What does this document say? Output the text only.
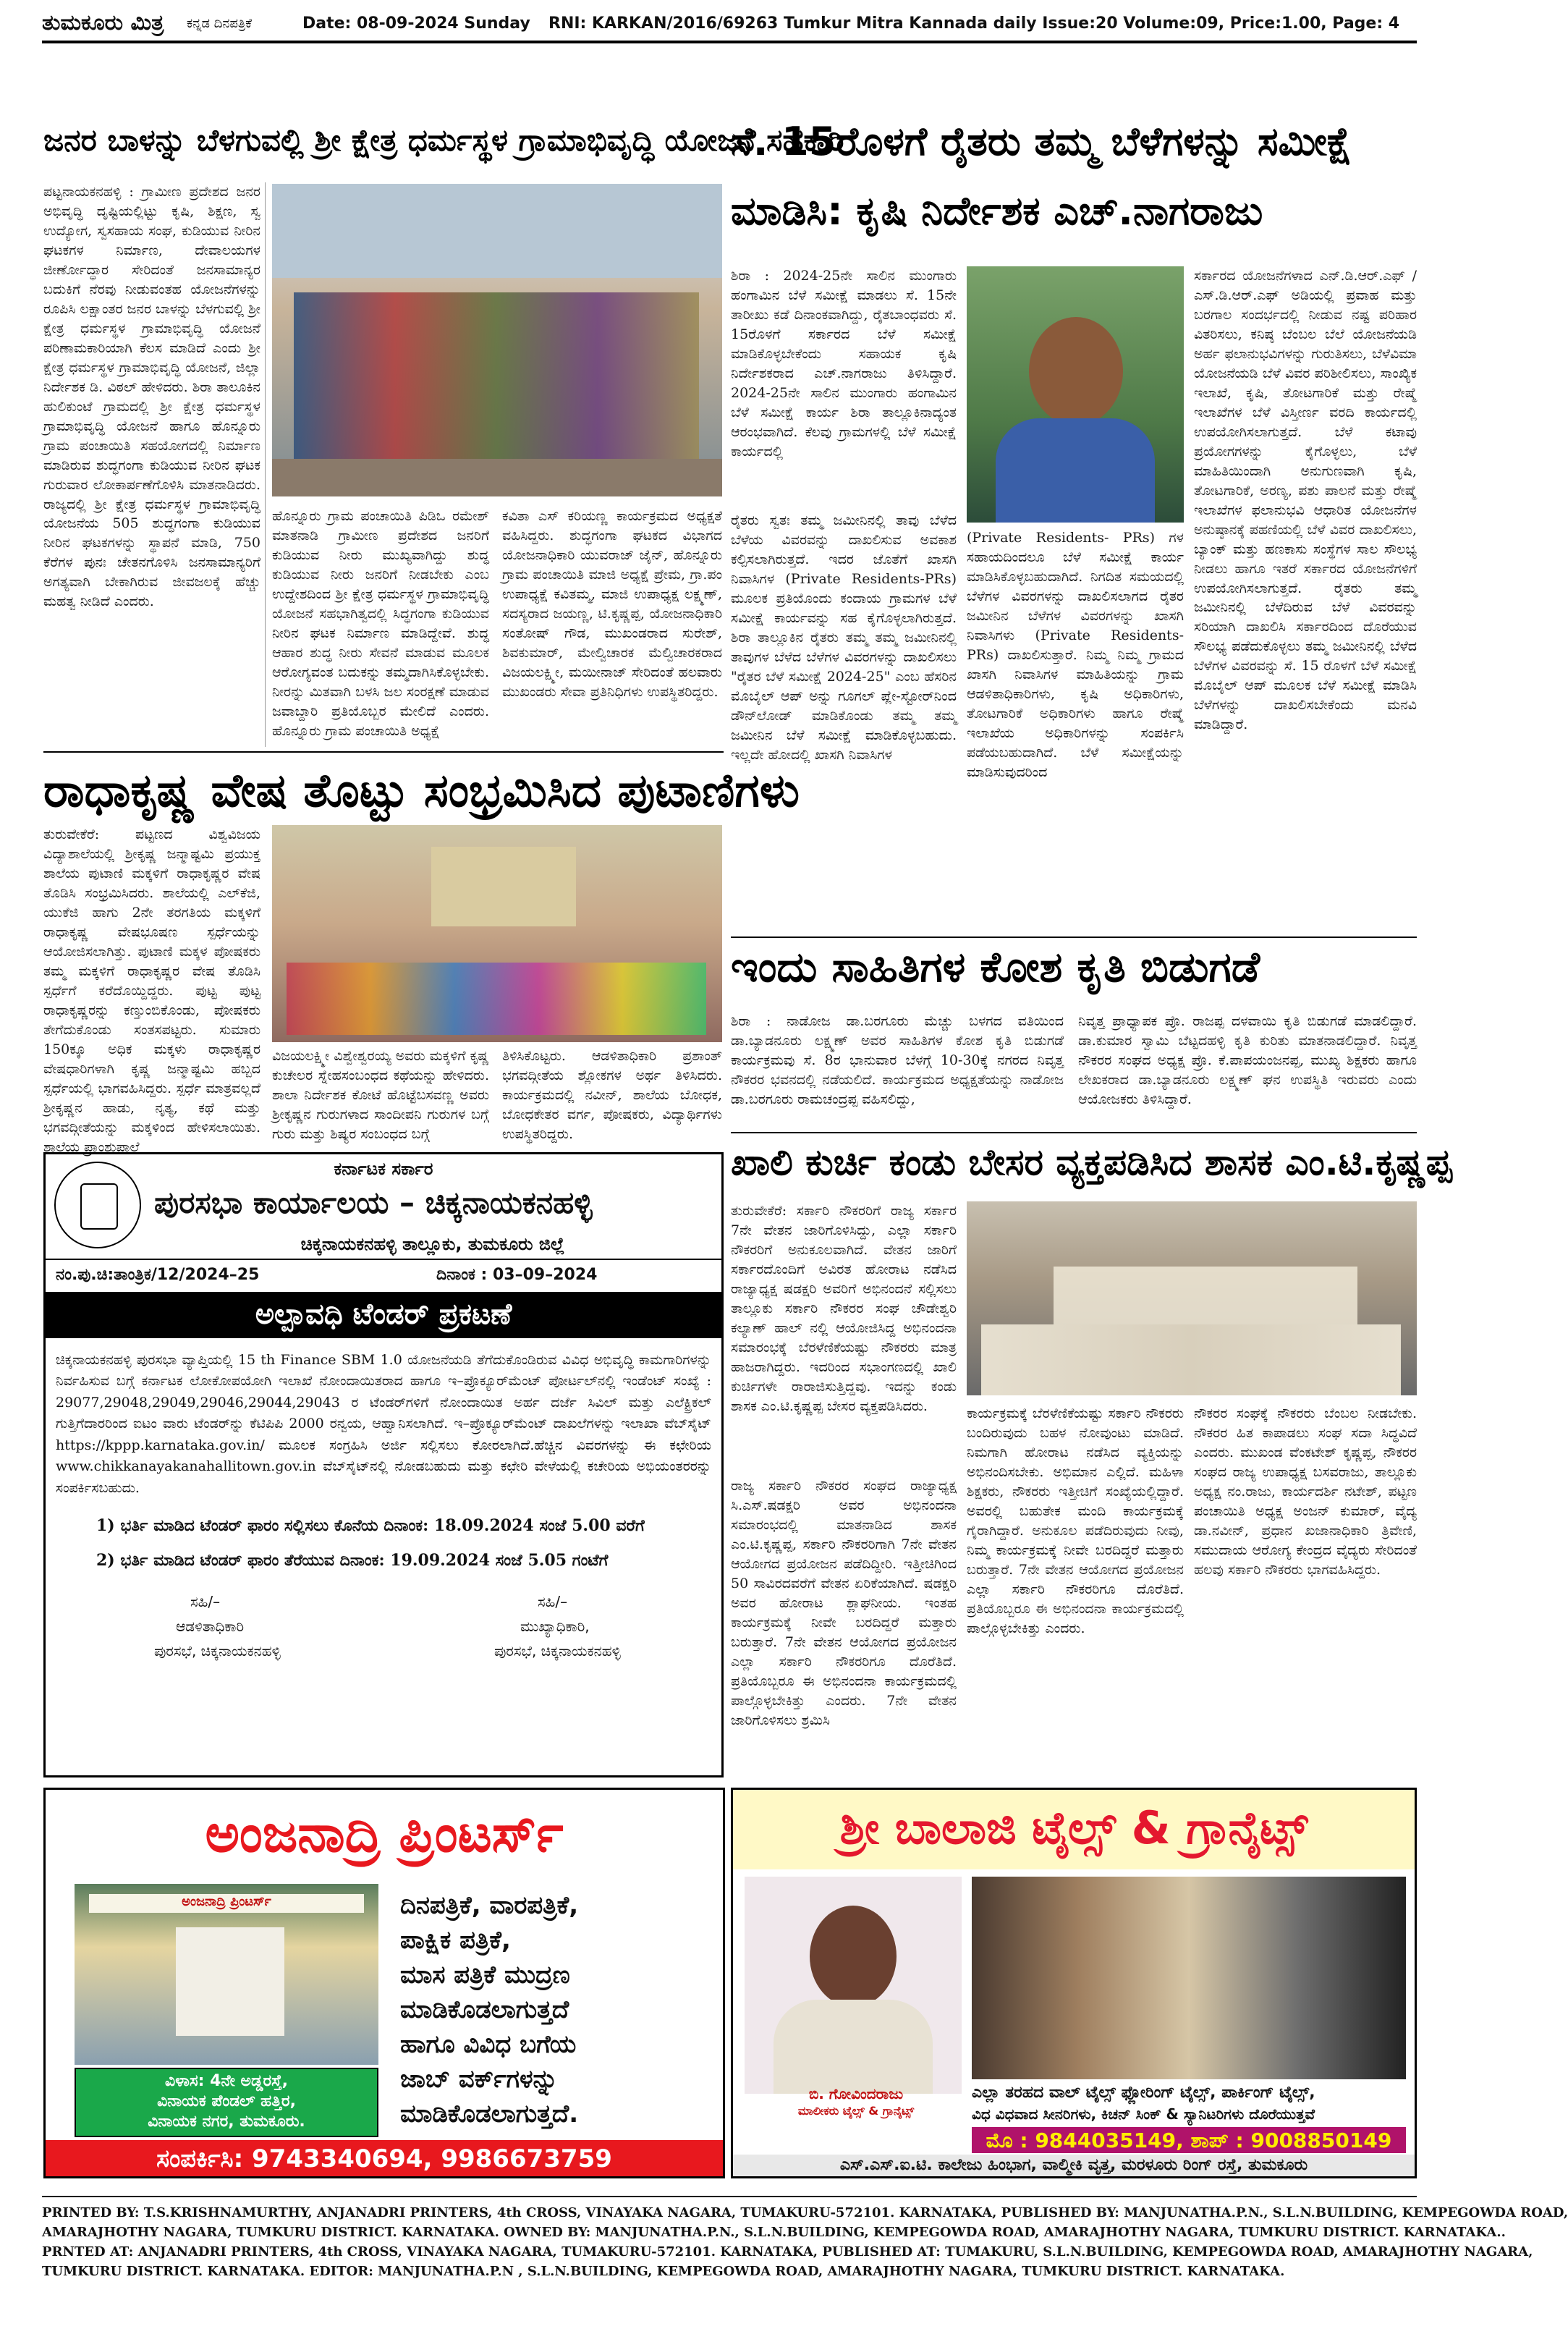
ತುಮಕೂರು ಮಿತ್ರ ಕನ್ನಡ ದಿನಪತ್ರಿಕೆ	Date: 08-09-2024 Sunday RNI: KARKAN/2016/69263 Tumkur Mitra Kannada daily Issue:20 Volume:09, Price:1.00, Page: 4
ಜನರ ಬಾಳನ್ನು ಬೆಳಗುವಲ್ಲಿ ಶ್ರೀ ಕ್ಷೇತ್ರ ಧರ್ಮಸ್ಥಳ ಗ್ರಾಮಾಭಿವೃದ್ಧಿ ಯೋಜನೆ ಸಹಕಾರಿ
ಪಟ್ಟನಾಯಕನಹಳ್ಳಿ : ಗ್ರಾಮೀಣ ಪ್ರದೇಶದ ಜನರ ಅಭಿವೃದ್ಧಿ ದೃಷ್ಟಿಯಲ್ಲಿಟ್ಟು ಕೃಷಿ, ಶಿಕ್ಷಣ, ಸ್ವ ಉದ್ಯೋಗ, ಸ್ವಸಹಾಯ ಸಂಘ, ಕುಡಿಯುವ ನೀರಿನ ಘಟಕಗಳ ನಿರ್ಮಾಣ, ದೇವಾಲಯಗಳ ಜೀರ್ಣೋದ್ಧಾರ ಸೇರಿದಂತೆ ಜನಸಾಮಾನ್ಯರ ಬದುಕಿಗೆ ನೆರವು ನೀಡುವಂತಹ ಯೋಜನೆಗಳನ್ನು ರೂಪಿಸಿ ಲಕ್ಷಾಂತರ ಜನರ ಬಾಳನ್ನು ಬೆಳಗುವಲ್ಲಿ ಶ್ರೀ ಕ್ಷೇತ್ರ ಧರ್ಮಸ್ಥಳ ಗ್ರಾಮಾಭಿವೃದ್ಧಿ ಯೋಜನೆ ಪರಿಣಾಮಕಾರಿಯಾಗಿ ಕೆಲಸ ಮಾಡಿದೆ ಎಂದು ಶ್ರೀ ಕ್ಷೇತ್ರ ಧರ್ಮಸ್ಥಳ ಗ್ರಾಮಾಭಿವೃದ್ಧಿ ಯೋಜನೆ, ಜಿಲ್ಲಾ ನಿರ್ದೇಶಕ ಡಿ. ವಿಠಲ್ ಹೇಳಿದರು. ಶಿರಾ ತಾಲೂಕಿನ ಹುಲಿಕುಂಟೆ ಗ್ರಾಮದಲ್ಲಿ ಶ್ರೀ ಕ್ಷೇತ್ರ ಧರ್ಮಸ್ಥಳ ಗ್ರಾಮಾಭಿವೃದ್ಧಿ ಯೋಜನೆ ಹಾಗೂ ಹೊನ್ನೂರು ಗ್ರಾಮ ಪಂಚಾಯಿತಿ ಸಹಯೋಗದಲ್ಲಿ ನಿರ್ಮಾಣ ಮಾಡಿರುವ ಶುದ್ಧಗಂಗಾ ಕುಡಿಯುವ ನೀರಿನ ಘಟಕ ಗುರುವಾರ ಲೋಕಾರ್ಪಣೆಗೊಳಿಸಿ ಮಾತನಾಡಿದರು. ರಾಜ್ಯದಲ್ಲಿ ಶ್ರೀ ಕ್ಷೇತ್ರ ಧರ್ಮಸ್ಥಳ ಗ್ರಾಮಾಭಿವೃದ್ಧಿ ಯೋಜನೆಯ 505 ಶುದ್ಧಗಂಗಾ ಕುಡಿಯುವ ನೀರಿನ ಘಟಕಗಳನ್ನು ಸ್ಥಾಪನೆ ಮಾಡಿ, 750 ಕೆರೆಗಳ ಪುನಃ ಚೇತನಗೊಳಿಸಿ ಜನಸಾಮಾನ್ಯರಿಗೆ ಅಗತ್ಯವಾಗಿ ಬೇಕಾಗಿರುವ ಜೀವಜಲಕ್ಕೆ ಹೆಚ್ಚು ಮಹತ್ವ ನೀಡಿದೆ ಎಂದರು.
ಹೊನ್ನೂರು ಗ್ರಾಮ ಪಂಚಾಯಿತಿ ಪಿಡಿಒ ರಮೇಶ್ ಮಾತನಾಡಿ ಗ್ರಾಮೀಣ ಪ್ರದೇಶದ ಜನರಿಗೆ ಕುಡಿಯುವ ನೀರು ಮುಖ್ಯವಾಗಿದ್ದು ಶುದ್ಧ ಕುಡಿಯುವ ನೀರು ಜನರಿಗೆ ನೀಡಬೇಕು ಎಂಬ ಉದ್ದೇಶದಿಂದ ಶ್ರೀ ಕ್ಷೇತ್ರ ಧರ್ಮಸ್ಥಳ ಗ್ರಾಮಾಭಿವೃದ್ಧಿ ಯೋಜನೆ ಸಹಭಾಗಿತ್ವದಲ್ಲಿ ಸಿದ್ಧಗಂಗಾ ಕುಡಿಯುವ ನೀರಿನ ಘಟಕ ನಿರ್ಮಾಣ ಮಾಡಿದ್ದೇವೆ. ಶುದ್ಧ ಆಹಾರ ಶುದ್ಧ ನೀರು ಸೇವನೆ ಮಾಡುವ ಮೂಲಕ ಆರೋಗ್ಯವಂತ ಬದುಕನ್ನು ತಮ್ಮದಾಗಿಸಿಕೊಳ್ಳಬೇಕು. ನೀರನ್ನು ಮಿತವಾಗಿ ಬಳಸಿ ಜಲ ಸಂರಕ್ಷಣೆ ಮಾಡುವ ಜವಾಬ್ದಾರಿ ಪ್ರತಿಯೊಬ್ಬರ ಮೇಲಿದೆ ಎಂದರು. ಹೊನ್ನೂರು ಗ್ರಾಮ ಪಂಚಾಯಿತಿ ಅಧ್ಯಕ್ಷೆ
ಕವಿತಾ ಎಸ್ ಕರಿಯಣ್ಣ ಕಾರ್ಯಕ್ರಮದ ಅಧ್ಯಕ್ಷತೆ ವಹಿಸಿದ್ದರು. ಶುದ್ಧಗಂಗಾ ಘಟಕದ ವಿಭಾಗದ ಯೋಜನಾಧಿಕಾರಿ ಯುವರಾಜ್ ಜೈನ್, ಹೊನ್ನೂರು ಗ್ರಾಮ ಪಂಚಾಯಿತಿ ಮಾಜಿ ಅಧ್ಯಕ್ಷೆ ಪ್ರೇಮ, ಗ್ರಾ.ಪಂ ಉಪಾಧ್ಯಕ್ಷೆ ಕವಿತಮ್ಮ, ಮಾಜಿ ಉಪಾಧ್ಯಕ್ಷ ಲಕ್ಷ್ಮಣ್, ಸದಸ್ಯರಾದ ಜಯಣ್ಣ, ಟಿ.ಕೃಷ್ಣಪ್ಪ, ಯೋಜನಾಧಿಕಾರಿ ಸಂತೋಷ್ ಗೌಡ, ಮುಖಂಡರಾದ ಸುರೇಶ್, ಶಿವಕುಮಾರ್, ಮೇಲ್ವಿಚಾರಕ ಮೆಲ್ವಿಚಾರಕರಾದ ವಿಜಯಲಕ್ಷ್ಮೀ, ಮಯೀನಾಜ್ ಸೇರಿದಂತೆ ಹಲವಾರು ಮುಖಂಡರು ಸೇವಾ ಪ್ರತಿನಿಧಿಗಳು ಉಪಸ್ಥಿತರಿದ್ದರು.
ರಾಧಾಕೃಷ್ಣ ವೇಷ ತೊಟ್ಟು ಸಂಭ್ರಮಿಸಿದ ಪುಟಾಣಿಗಳು
ತುರುವೇಕೆರೆ: ಪಟ್ಟಣದ ವಿಶ್ವವಿಜಯ ವಿದ್ಯಾಶಾಲೆಯಲ್ಲಿ ಶ್ರೀಕೃಷ್ಣ ಜನ್ಮಾಷ್ಟಮಿ ಪ್ರಯುಕ್ತ ಶಾಲೆಯ ಪುಟಾಣಿ ಮಕ್ಕಳಿಗೆ ರಾಧಾಕೃಷ್ಣರ ವೇಷ ತೊಡಿಸಿ ಸಂಭ್ರಮಿಸಿದರು. ಶಾಲೆಯಲ್ಲಿ ಎಲ್‌ಕೆಜಿ, ಯುಕೆಜಿ ಹಾಗು 2ನೇ ತರಗತಿಯ ಮಕ್ಕಳಿಗೆ ರಾಧಾಕೃಷ್ಣ ವೇಷಭೂಷಣ ಸ್ಪರ್ಧೆಯನ್ನು ಆಯೋಜಿಸಲಾಗಿತ್ತು. ಪುಟಾಣಿ ಮಕ್ಕಳ ಪೋಷಕರು ತಮ್ಮ ಮಕ್ಕಳಿಗೆ ರಾಧಾಕೃಷ್ಣರ ವೇಷ ತೊಡಿಸಿ ಸ್ಪರ್ಧೆಗೆ ಕರೆದೊಯ್ದಿದ್ದರು. ಪುಟ್ಟ ಪುಟ್ಟ ರಾಧಾಕೃಷ್ಣರನ್ನು ಕಣ್ತುಂಬಿಕೊಂಡು, ಪೋಷಕರು ತೇಗೆದುಕೊಂಡು ಸಂತಸಪಟ್ಟರು. ಸುಮಾರು 150ಕ್ಕೂ ಅಧಿಕ ಮಕ್ಕಳು ರಾಧಾಕೃಷ್ಣರ ವೇಷಧಾರಿಗಳಾಗಿ ಕೃಷ್ಣ ಜನ್ಮಾಷ್ಟಮಿ ಹಬ್ಬದ ಸ್ಪರ್ಧೆಯಲ್ಲಿ ಭಾಗವಹಿಸಿದ್ದರು. ಸ್ಪರ್ಧೆ ಮಾತ್ರವಲ್ಲದೆ ಶ್ರೀಕೃಷ್ಣನ ಹಾಡು, ನೃತ್ಯ, ಕಥೆ ಮತ್ತು ಭಗವದ್ಗೀತೆಯನ್ನು ಮಕ್ಕಳಿಂದ ಹೇಳಿಸಲಾಯಿತು. ಶಾಲೆಯ ಪ್ರಾಂಶುಪಾಲೆ
ವಿಜಯಲಕ್ಷ್ಮೀ ವಿಶ್ವೇಶ್ವರಯ್ಯ ಅವರು ಮಕ್ಕಳಿಗೆ ಕೃಷ್ಣ ಕುಚೇಲರ ಸ್ನೇಹಸಂಬಂಧದ ಕಥೆಯನ್ನು ಹೇಳಿದರು. ಶಾಲಾ ನಿರ್ದೇಶಕ ಕೋಟೆ ಹೊಟ್ಟೆಬಸವಣ್ಣ ಅವರು ಶ್ರೀಕೃಷ್ಣನ ಗುರುಗಳಾದ ಸಾಂದೀಪನಿ ಗುರುಗಳ ಬಗ್ಗೆ ಗುರು ಮತ್ತು ಶಿಷ್ಯರ ಸಂಬಂಧದ ಬಗ್ಗೆ
ತಿಳಿಸಿಕೊಟ್ಟರು. ಆಡಳಿತಾಧಿಕಾರಿ ಪ್ರಶಾಂತ್ ಭಗವದ್ಗೀತೆಯ ಶ್ಲೋಕಗಳ ಅರ್ಥ ತಿಳಿಸಿದರು. ಕಾರ್ಯಕ್ರಮದಲ್ಲಿ ನವೀನ್, ಶಾಲೆಯ ಬೋಧಕ, ಬೋಧಕೇತರ ವರ್ಗ, ಪೋಷಕರು, ವಿದ್ಯಾರ್ಥಿಗಳು ಉಪಸ್ಥಿತರಿದ್ದರು.
ಕರ್ನಾಟಕ ಸರ್ಕಾರ
ಪುರಸಭಾ ಕಾರ್ಯಾಲಯ – ಚಿಕ್ಕನಾಯಕನಹಳ್ಳಿ
ಚಿಕ್ಕನಾಯಕನಹಳ್ಳಿ ತಾಲ್ಲೂಕು, ತುಮಕೂರು ಜಿಲ್ಲೆ
ನಂ.ಪು.ಚಿ:ತಾಂತ್ರಿಕ/12/2024–25	ದಿನಾಂಕ : 03–09–2024
ಅಲ್ಪಾವಧಿ ಟೆಂಡರ್ ಪ್ರಕಟಣೆ
ಚಿಕ್ಕನಾಯಕನಹಳ್ಳಿ ಪುರಸಭಾ ವ್ಯಾಪ್ತಿಯಲ್ಲಿ 15 th Finance SBM 1.0 ಯೋಜನೆಯಡಿ ತೆಗೆದುಕೊಂಡಿರುವ ವಿವಿಧ ಅಭಿವೃದ್ಧಿ ಕಾಮಗಾರಿಗಳನ್ನು ನಿರ್ವಹಿಸುವ ಬಗ್ಗೆ ಕರ್ನಾಟಕ ಲೋಕೋಪಯೋಗಿ ಇಲಾಖೆ ನೋಂದಾಯಿತರಾದ ಹಾಗೂ ಇ–ಪ್ರೊಕ್ಯೂರ್‌ಮೆಂಟ್ ಪೋರ್ಟಲ್‌ನಲ್ಲಿ ಇಂಡೆಂಟ್ ಸಂಖ್ಯೆ : 29077,29048,29049,29046,29044,29043 ರ ಟೆಂಡರ್‌ಗಳಿಗೆ ನೋಂದಾಯಿತ ಅರ್ಹ ದರ್ಜೆ ಸಿವಿಲ್ ಮತ್ತು ಎಲೆಕ್ಟ್ರಿಕಲ್ ಗುತ್ತಿಗೆದಾರರಿಂದ ಐಟಂ ವಾರು ಟೆಂಡರ್‌ನ್ನು ಕೆಟಿಪಿಪಿ 2000 ರನ್ವಯ, ಆಹ್ವಾನಿಸಲಾಗಿದೆ. ಇ–ಪ್ರೊಕ್ಯೂರ್‌ಮೆಂಟ್ ದಾಖಲೆಗಳನ್ನು ಇಲಾಖಾ ವೆಬ್‌ಸೈಟ್ https://kppp.karnataka.gov.in/ ಮೂಲಕ ಸಂಗ್ರಹಿಸಿ ಅರ್ಜಿ ಸಲ್ಲಿಸಲು ಕೋರಲಾಗಿದೆ.ಹೆಚ್ಚಿನ ವಿವರಗಳನ್ನು ಈ ಕಛೇರಿಯ www.chikkanayakanahallitown.gov.in ವೆಬ್‌ಸೈಟ್‌ನಲ್ಲಿ ನೋಡಬಹುದು ಮತ್ತು ಕಛೇರಿ ವೇಳೆಯಲ್ಲಿ ಕಚೇರಿಯ ಅಭಿಯಂತರರನ್ನು ಸಂಪರ್ಕಿಸಬಹುದು.
1) ಭರ್ತಿ ಮಾಡಿದ ಟೆಂಡರ್ ಫಾರಂ ಸಲ್ಲಿಸಲು ಕೊನೆಯ ದಿನಾಂಕ: 18.09.2024 ಸಂಜೆ 5.00 ವರೆಗೆ
2) ಭರ್ತಿ ಮಾಡಿದ ಟೆಂಡರ್ ಫಾರಂ ತೆರೆಯುವ ದಿನಾಂಕ: 19.09.2024 ಸಂಜೆ 5.05 ಗಂಟೆಗೆ
ಸಹಿ/–
ಆಡಳಿತಾಧಿಕಾರಿ
ಪುರಸಭೆ, ಚಿಕ್ಕನಾಯಕನಹಳ್ಳಿ
ಸಹಿ/–
ಮುಖ್ಯಾಧಿಕಾರಿ,
ಪುರಸಭೆ, ಚಿಕ್ಕನಾಯಕನಹಳ್ಳಿ
ಸೆ. 15ರೊಳಗೆ ರೈತರು ತಮ್ಮ ಬೆಳೆಗಳನ್ನು ಸಮೀಕ್ಷೆ
ಮಾಡಿಸಿ: ಕೃಷಿ ನಿರ್ದೇಶಕ ಎಚ್.ನಾಗರಾಜು
ಶಿರಾ : 2024-25ನೇ ಸಾಲಿನ ಮುಂಗಾರು ಹಂಗಾಮಿನ ಬೆಳೆ ಸಮೀಕ್ಷೆ ಮಾಡಲು ಸೆ. 15ನೇ ತಾರೀಖು ಕಡೆ ದಿನಾಂಕವಾಗಿದ್ದು, ರೈತಬಾಂಧವರು ಸೆ. 15ರೊಳಗೆ ಸರ್ಕಾರದ ಬೆಳೆ ಸಮೀಕ್ಷೆ ಮಾಡಿಕೊಳ್ಳಬೇಕೆಂದು ಸಹಾಯಕ ಕೃಷಿ ನಿರ್ದೇಶಕರಾದ ಎಚ್.ನಾಗರಾಜು ತಿಳಿಸಿದ್ದಾರೆ. 2024-25ನೇ ಸಾಲಿನ ಮುಂಗಾರು ಹಂಗಾಮಿನ ಬೆಳೆ ಸಮೀಕ್ಷೆ ಕಾರ್ಯ ಶಿರಾ ತಾಲ್ಲೂಕಿನಾದ್ಯಂತ ಆರಂಭವಾಗಿದೆ. ಕೆಲವು ಗ್ರಾಮಗಳಲ್ಲಿ ಬೆಳೆ ಸಮೀಕ್ಷೆ ಕಾರ್ಯದಲ್ಲಿ
ರೈತರು ಸ್ವತಃ ತಮ್ಮ ಜಮೀನಿನಲ್ಲಿ ತಾವು ಬೆಳೆದ ಬೆಳೆಯ ವಿವರವನ್ನು ದಾಖಲಿಸುವ ಅವಕಾಶ ಕಲ್ಪಿಸಲಾಗಿರುತ್ತದೆ. ಇದರ ಜೊತೆಗೆ ಖಾಸಗಿ ನಿವಾಸಿಗಳ (Private Residents-PRs) ಮೂಲಕ ಪ್ರತಿಯೊಂದು ಕಂದಾಯ ಗ್ರಾಮಗಳ ಬೆಳೆ ಸಮೀಕ್ಷೆ ಕಾರ್ಯವನ್ನು ಸಹ ಕೈಗೊಳ್ಳಲಾಗಿರುತ್ತದೆ. ಶಿರಾ ತಾಲ್ಲೂಕಿನ ರೈತರು ತಮ್ಮ ತಮ್ಮ ಜಮೀನಿನಲ್ಲಿ ತಾವುಗಳ ಬೆಳೆದ ಬೆಳೆಗಳ ವಿವರಗಳನ್ನು ದಾಖಲಿಸಲು "ರೈತರ ಬೆಳೆ ಸಮೀಕ್ಷೆ 2024-25" ಎಂಬ ಹೆಸರಿನ ಮೊಬೈಲ್ ಆಪ್ ಅನ್ನು ಗೂಗಲ್ ಪ್ಲೇ-ಸ್ಟೋರ್‌ನಿಂದ ಡೌನ್‌ಲೋಡ್ ಮಾಡಿಕೊಂಡು ತಮ್ಮ ತಮ್ಮ ಜಮೀನಿನ ಬೆಳೆ ಸಮೀಕ್ಷೆ ಮಾಡಿಕೊಳ್ಳಬಹುದು. ಇಲ್ಲದೇ ಹೋದಲ್ಲಿ ಖಾಸಗಿ ನಿವಾಸಿಗಳ
(Private Residents- PRs) ಗಳ ಸಹಾಯದಿಂದಲೂ ಬೆಳೆ ಸಮೀಕ್ಷೆ ಕಾರ್ಯ ಮಾಡಿಸಿಕೊಳ್ಳಬಹುದಾಗಿದೆ. ನಿಗದಿತ ಸಮಯದಲ್ಲಿ ಬೆಳೆಗಳ ವಿವರಗಳನ್ನು ದಾಖಲಿಸಲಾಗದ ರೈತರ ಜಮೀನಿನ ಬೆಳೆಗಳ ವಿವರಗಳನ್ನು ಖಾಸಗಿ ನಿವಾಸಿಗಳು (Private Residents- PRs) ದಾಖಲಿಸುತ್ತಾರೆ. ನಿಮ್ಮ ನಿಮ್ಮ ಗ್ರಾಮದ ಖಾಸಗಿ ನಿವಾಸಿಗಳ ಮಾಹಿತಿಯನ್ನು ಗ್ರಾಮ ಆಡಳಿತಾಧಿಕಾರಿಗಳು, ಕೃಷಿ ಅಧಿಕಾರಿಗಳು, ತೋಟಗಾರಿಕೆ ಅಧಿಕಾರಿಗಳು ಹಾಗೂ ರೇಷ್ಮೆ ಇಲಾಖೆಯ ಅಧಿಕಾರಿಗಳನ್ನು ಸಂಪರ್ಕಿಸಿ ಪಡೆಯಬಹುದಾಗಿದೆ. ಬೆಳೆ ಸಮೀಕ್ಷೆಯನ್ನು ಮಾಡಿಸುವುದರಿಂದ
ಸರ್ಕಾರದ ಯೋಜನೆಗಳಾದ ಎನ್.ಡಿ.ಆರ್.ಎಫ್ / ಎಸ್.ಡಿ.ಆರ್.ಎಫ್ ಅಡಿಯಲ್ಲಿ ಪ್ರವಾಹ ಮತ್ತು ಬರಗಾಲ ಸಂದರ್ಭದಲ್ಲಿ ನೀಡುವ ನಷ್ಟ ಪರಿಹಾರ ವಿತರಿಸಲು, ಕನಿಷ್ಠ ಬೆಂಬಲ ಬೆಲೆ ಯೋಜನೆಯಡಿ ಅರ್ಹ ಫಲಾನುಭವಿಗಳನ್ನು ಗುರುತಿಸಲು, ಬೆಳೆವಿಮಾ ಯೋಜನೆಯಡಿ ಬೆಳೆ ವಿವರ ಪರಿಶೀಲಿಸಲು, ಸಾಂಖ್ಯಿಕ ಇಲಾಖೆ, ಕೃಷಿ, ತೋಟಗಾರಿಕೆ ಮತ್ತು ರೇಷ್ಮೆ ಇಲಾಖೆಗಳ ಬೆಳೆ ವಿಸ್ತೀರ್ಣ ವರದಿ ಕಾರ್ಯದಲ್ಲಿ ಉಪಯೋಗಿಸಲಾಗುತ್ತದೆ. ಬೆಳೆ ಕಟಾವು ಪ್ರಯೋಗಗಳನ್ನು ಕೈಗೊಳ್ಳಲು, ಬೆಳೆ ಮಾಹಿತಿಯಿಂದಾಗಿ ಅನುಗುಣವಾಗಿ ಕೃಷಿ, ತೋಟಗಾರಿಕೆ, ಅರಣ್ಯ, ಪಶು ಪಾಲನೆ ಮತ್ತು ರೇಷ್ಮೆ ಇಲಾಖೆಗಳ ಫಲಾನುಭವಿ ಆಧಾರಿತ ಯೋಜನೆಗಳ ಅನುಷ್ಠಾನಕ್ಕೆ ಪಹಣಿಯಲ್ಲಿ ಬೆಳೆ ವಿವರ ದಾಖಲಿಸಲು, ಬ್ಯಾಂಕ್ ಮತ್ತು ಹಣಕಾಸು ಸಂಸ್ಥೆಗಳ ಸಾಲ ಸೌಲಭ್ಯ ನೀಡಲು ಹಾಗೂ ಇತರೆ ಸರ್ಕಾರದ ಯೋಜನೆಗಳಿಗೆ ಉಪಯೋಗಿಸಲಾಗುತ್ತದೆ. ರೈತರು ತಮ್ಮ ಜಮೀನಿನಲ್ಲಿ ಬೆಳೆದಿರುವ ಬೆಳೆ ವಿವರವನ್ನು ಸರಿಯಾಗಿ ದಾಖಲಿಸಿ ಸರ್ಕಾರದಿಂದ ದೊರೆಯುವ ಸೌಲಭ್ಯ ಪಡೆದುಕೊಳ್ಳಲು ತಮ್ಮ ಜಮೀನಿನಲ್ಲಿ ಬೆಳೆದ ಬೆಳೆಗಳ ವಿವರವನ್ನು ಸೆ. 15 ರೊಳಗೆ ಬೆಳೆ ಸಮೀಕ್ಷೆ ಮೊಬೈಲ್ ಆಪ್ ಮೂಲಕ ಬೆಳೆ ಸಮೀಕ್ಷೆ ಮಾಡಿಸಿ ಬೆಳೆಗಳನ್ನು ದಾಖಲಿಸಬೇಕೆಂದು ಮನವಿ ಮಾಡಿದ್ದಾರೆ.
ಇಂದು ಸಾಹಿತಿಗಳ ಕೋಶ ಕೃತಿ ಬಿಡುಗಡೆ
ಶಿರಾ : ನಾಡೋಜ ಡಾ.ಬರಗೂರು ಮೆಚ್ಚು ಬಳಗದ ವತಿಯಿಂದ ಡಾ.ಬ್ಯಾಡನೂರು ಲಕ್ಷ್ಮಣ್ ಅವರ ಸಾಹಿತಿಗಳ ಕೋಶ ಕೃತಿ ಬಿಡುಗಡೆ ಕಾರ್ಯಕ್ರಮವು ಸೆ. 8ರ ಭಾನುವಾರ ಬೆಳಗ್ಗೆ 10-30ಕ್ಕೆ ನಗರದ ನಿವೃತ್ತ ನೌಕರರ ಭವನದಲ್ಲಿ ನಡೆಯಲಿದೆ. ಕಾರ್ಯಕ್ರಮದ ಅಧ್ಯಕ್ಷತೆಯನ್ನು ನಾಡೋಜ ಡಾ.ಬರಗೂರು ರಾಮಚಂದ್ರಪ್ಪ ವಹಿಸಲಿದ್ದು,
ನಿವೃತ್ತ ಪ್ರಾಧ್ಯಾಪಕ ಪ್ರೊ. ರಾಜಪ್ಪ ದಳವಾಯಿ ಕೃತಿ ಬಿಡುಗಡೆ ಮಾಡಲಿದ್ದಾರೆ. ಡಾ.ಕುಮಾರ ಸ್ವಾಮಿ ಬೆಟ್ಟದಹಳ್ಳಿ ಕೃತಿ ಕುರಿತು ಮಾತನಾಡಲಿದ್ದಾರೆ. ನಿವೃತ್ತ ನೌಕರರ ಸಂಘದ ಅಧ್ಯಕ್ಷ ಪ್ರೊ. ಕೆ.ಪಾಪಯಂಜನಪ್ಪ, ಮುಖ್ಯ ಶಿಕ್ಷಕರು ಹಾಗೂ ಲೇಖಕರಾದ ಡಾ.ಬ್ಯಾಡನೂರು ಲಕ್ಷ್ಮಣ್ ಘನ ಉಪಸ್ಥಿತಿ ಇರುವರು ಎಂದು ಆಯೋಜಕರು ತಿಳಿಸಿದ್ದಾರೆ.
ಖಾಲಿ ಕುರ್ಚಿ ಕಂಡು ಬೇಸರ ವ್ಯಕ್ತಪಡಿಸಿದ ಶಾಸಕ ಎಂ.ಟಿ.ಕೃಷ್ಣಪ್ಪ
ತುರುವೇಕೆರೆ: ಸರ್ಕಾರಿ ನೌಕರರಿಗೆ ರಾಜ್ಯ ಸರ್ಕಾರ 7ನೇ ವೇತನ ಜಾರಿಗೊಳಿಸಿದ್ದು, ಎಲ್ಲಾ ಸರ್ಕಾರಿ ನೌಕರರಿಗೆ ಅನುಕೂಲವಾಗಿದೆ. ವೇತನ ಜಾರಿಗೆ ಸರ್ಕಾರದೊಂದಿಗೆ ಅವಿರತ ಹೋರಾಟ ನಡೆಸಿದ ರಾಜ್ಯಾಧ್ಯಕ್ಷ ಷಡಕ್ಷರಿ ಅವರಿಗೆ ಅಭಿನಂದನೆ ಸಲ್ಲಿಸಲು ತಾಲ್ಲೂಕು ಸರ್ಕಾರಿ ನೌಕರರ ಸಂಘ ಚೌಡೇಶ್ವರಿ ಕಲ್ಯಾಣ್ ಹಾಲ್ ನಲ್ಲಿ ಆಯೋಜಿಸಿದ್ದ ಅಭಿನಂದನಾ ಸಮಾರಂಭಕ್ಕೆ ಬೆರಳೆಣಿಕೆಯಷ್ಟು ನೌಕರರು ಮಾತ್ರ ಹಾಜರಾಗಿದ್ದರು. ಇದರಿಂದ ಸಭಾಂಗಣದಲ್ಲಿ ಖಾಲಿ ಕುರ್ಚಿಗಳೇ ರಾರಾಜಿಸುತ್ತಿದ್ದವು. ಇದನ್ನು ಕಂಡು ಶಾಸಕ ಎಂ.ಟಿ.ಕೃಷ್ಣಪ್ಪ ಬೇಸರ ವ್ಯಕ್ತಪಡಿಸಿದರು.
ರಾಜ್ಯ ಸರ್ಕಾರಿ ನೌಕರರ ಸಂಘದ ರಾಜ್ಯಾಧ್ಯಕ್ಷ ಸಿ.ಎಸ್.ಷಡಕ್ಷರಿ ಅವರ ಅಭಿನಂದನಾ ಸಮಾರಂಭದಲ್ಲಿ ಮಾತನಾಡಿದ ಶಾಸಕ ಎಂ.ಟಿ.ಕೃಷ್ಣಪ್ಪ, ಸರ್ಕಾರಿ ನೌಕರರಿಗಾಗಿ 7ನೇ ವೇತನ ಆಯೋಗದ ಪ್ರಯೋಜನ ಪಡೆದಿದ್ದೀರಿ. ಇತ್ತೀಚಿಗಿಂದ 50 ಸಾವಿರದವರೆಗೆ ವೇತನ ಏರಿಕೆಯಾಗಿದೆ. ಷಡಕ್ಷರಿ ಅವರ ಹೋರಾಟ ಶ್ಲಾಘನೀಯ. ಇಂತಹ ಕಾರ್ಯಕ್ರಮಕ್ಕೆ ನೀವೇ ಬರದಿದ್ದರೆ ಮತ್ತಾರು ಬರುತ್ತಾರೆ. 7ನೇ ವೇತನ ಆಯೋಗದ ಪ್ರಯೋಜನ ಎಲ್ಲಾ ಸರ್ಕಾರಿ ನೌಕರರಿಗೂ ದೊರೆತಿದೆ. ಪ್ರತಿಯೊಬ್ಬರೂ ಈ ಅಭಿನಂದನಾ ಕಾರ್ಯಕ್ರಮದಲ್ಲಿ ಪಾಲ್ಗೊಳ್ಳಬೇಕಿತ್ತು ಎಂದರು. 7ನೇ ವೇತನ ಜಾರಿಗೊಳಿಸಲು ಶ್ರಮಿಸಿ
ಕಾರ್ಯಕ್ರಮಕ್ಕೆ ಬೆರಳೆಣಿಕೆಯಷ್ಟು ಸರ್ಕಾರಿ ನೌಕರರು ಬಂದಿರುವುದು ಬಹಳ ನೋವುಂಟು ಮಾಡಿದೆ. ನಿಮಗಾಗಿ ಹೋರಾಟ ನಡೆಸಿದ ವ್ಯಕ್ತಿಯನ್ನು ಅಭಿನಂದಿಸಬೇಕು. ಅಭಿಮಾನ ಎಲ್ಲಿದೆ. ಮಹಿಳಾ ಶಿಕ್ಷಕರು, ನೌಕರರು ಇತ್ತೀಚಿಗೆ ಸಂಖ್ಯೆಯಲ್ಲಿದ್ದಾರೆ. ಅವರಲ್ಲಿ ಬಹುತೇಕ ಮಂದಿ ಕಾರ್ಯಕ್ರಮಕ್ಕೆ ಗೈರಾಗಿದ್ದಾರೆ. ಅನುಕೂಲ ಪಡೆದಿರುವುದು ನೀವು, ನಿಮ್ಮ ಕಾರ್ಯಕ್ರಮಕ್ಕೆ ನೀವೇ ಬರದಿದ್ದರೆ ಮತ್ತಾರು ಬರುತ್ತಾರೆ. 7ನೇ ವೇತನ ಆಯೋಗದ ಪ್ರಯೋಜನ ಎಲ್ಲಾ ಸರ್ಕಾರಿ ನೌಕರರಿಗೂ ದೊರೆತಿದೆ. ಪ್ರತಿಯೊಬ್ಬರೂ ಈ ಅಭಿನಂದನಾ ಕಾರ್ಯಕ್ರಮದಲ್ಲಿ ಪಾಲ್ಗೊಳ್ಳಬೇಕಿತ್ತು ಎಂದರು.
ನೌಕರರ ಸಂಘಕ್ಕೆ ನೌಕರರು ಬೆಂಬಲ ನೀಡಬೇಕು. ನೌಕರರ ಹಿತ ಕಾಪಾಡಲು ಸಂಘ ಸದಾ ಸಿದ್ಧವಿದೆ ಎಂದರು. ಮುಖಂಡ ವೆಂಕಟೇಶ್ ಕೃಷ್ಣಪ್ಪ, ನೌಕರರ ಸಂಘದ ರಾಜ್ಯ ಉಪಾಧ್ಯಕ್ಷ ಬಸವರಾಜು, ತಾಲ್ಲೂಕು ಅಧ್ಯಕ್ಷ ನಂ.ರಾಜು, ಕಾರ್ಯದರ್ಶಿ ನಟೇಶ್, ಪಟ್ಟಣ ಪಂಚಾಯಿತಿ ಅಧ್ಯಕ್ಷ ಅಂಜನ್ ಕುಮಾರ್, ವೈದ್ಯ ಡಾ.ನವೀನ್, ಪ್ರಧಾನ ಖಜಾನಾಧಿಕಾರಿ ತ್ರಿವೇಣಿ, ಸಮುದಾಯ ಆರೋಗ್ಯ ಕೇಂದ್ರದ ವೈದ್ಯರು ಸೇರಿದಂತೆ ಹಲವು ಸರ್ಕಾರಿ ನೌಕರರು ಭಾಗವಹಿಸಿದ್ದರು.
ಅಂಜನಾದ್ರಿ ಪ್ರಿಂಟರ್ಸ್
ಅಂಜನಾದ್ರಿ ಪ್ರಿಂಟರ್ಸ್
ವಿಳಾಸ: 4ನೇ ಅಡ್ಡರಸ್ತೆ,
ವಿನಾಯಕ ಪೆಂಡಲ್ ಹತ್ತಿರ,
ವಿನಾಯಕ ನಗರ, ತುಮಕೂರು.
ದಿನಪತ್ರಿಕೆ, ವಾರಪತ್ರಿಕೆ,
ಪಾಕ್ಷಿಕ ಪತ್ರಿಕೆ,
ಮಾಸ ಪತ್ರಿಕೆ ಮುದ್ರಣ
ಮಾಡಿಕೊಡಲಾಗುತ್ತದೆ
ಹಾಗೂ ವಿವಿಧ ಬಗೆಯ
ಜಾಬ್ ವರ್ಕ್‌ಗಳನ್ನು
ಮಾಡಿಕೊಡಲಾಗುತ್ತದೆ.
ಸಂಪರ್ಕಿಸಿ: 9743340694, 9986673759
ಶ್ರೀ ಬಾಲಾಜಿ ಟೈಲ್ಸ್ & ಗ್ರಾನೈಟ್ಸ್
ಬಿ. ಗೋವಿಂದರಾಜು
ಮಾಲೀಕರು ಟೈಲ್ಸ್ & ಗ್ರಾನೈಟ್ಸ್
ಎಲ್ಲಾ ತರಹದ ವಾಲ್ ಟೈಲ್ಸ್ ಫ್ಲೋರಿಂಗ್ ಟೈಲ್ಸ್, ಪಾರ್ಕಿಂಗ್ ಟೈಲ್ಸ್,
ವಿಧ ವಿಧವಾದ ಸೀನರಿಗಳು, ಕಿಚನ್ ಸಿಂಕ್ & ಸ್ಯಾನಿಟರಿಗಳು ದೊರೆಯುತ್ತವೆ
ಮೊ : 9844035149, ಶಾಪ್ : 9008850149
ಎಸ್.ಎಸ್.ಐ.ಟಿ. ಕಾಲೇಜು ಹಿಂಭಾಗ, ವಾಲ್ಮೀಕಿ ವೃತ್ತ, ಮರಳೂರು ರಿಂಗ್ ರಸ್ತೆ, ತುಮಕೂರು
PRINTED BY: T.S.KRISHNAMURTHY, ANJANADRI PRINTERS, 4th CROSS, VINAYAKA NAGARA, TUMAKURU-572101. KARNATAKA, PUBLISHED BY: MANJUNATHA.P.N., S.L.N.BUILDING, KEMPEGOWDA ROAD,
AMARAJHOTHY NAGARA, TUMKURU DISTRICT. KARNATAKA. OWNED BY: MANJUNATHA.P.N., S.L.N.BUILDING, KEMPEGOWDA ROAD, AMARAJHOTHY NAGARA, TUMKURU DISTRICT. KARNATAKA..
PRNTED AT: ANJANADRI PRINTERS, 4th CROSS, VINAYAKA NAGARA, TUMAKURU-572101. KARNATAKA, PUBLISHED AT: TUMAKURU, S.L.N.BUILDING, KEMPEGOWDA ROAD, AMARAJHOTHY NAGARA,
TUMKURU DISTRICT. KARNATAKA. EDITOR: MANJUNATHA.P.N , S.L.N.BUILDING, KEMPEGOWDA ROAD, AMARAJHOTHY NAGARA, TUMKURU DISTRICT. KARNATAKA.
